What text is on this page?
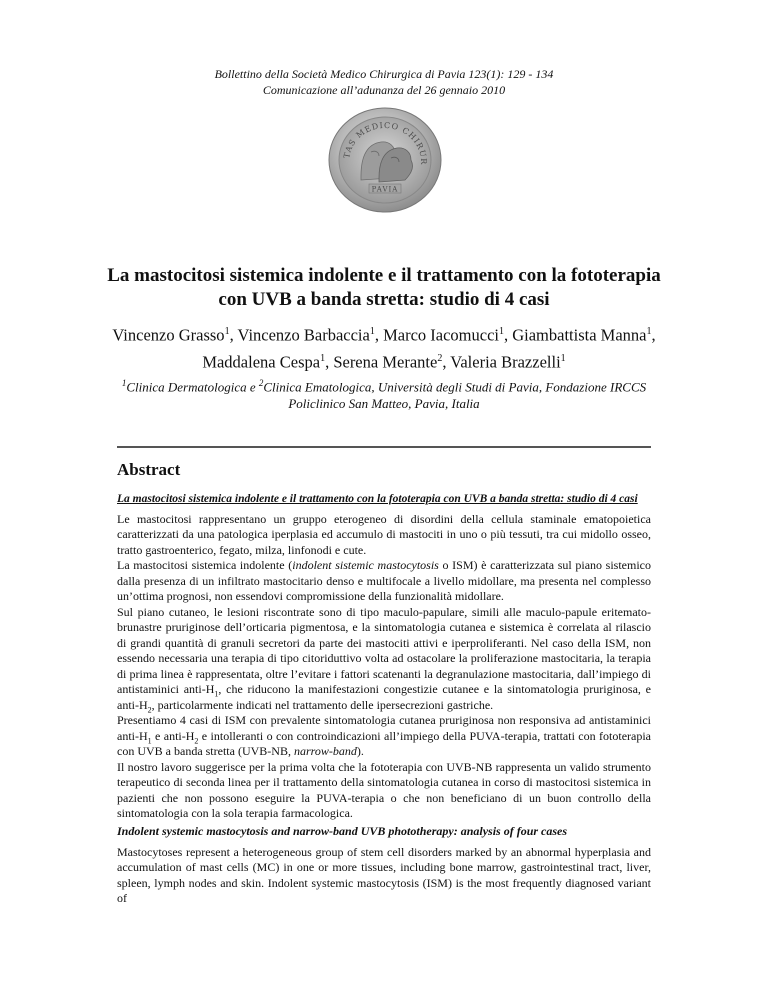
Bollettino della Società Medico Chirurgica di Pavia 123(1): 129 - 134
Comunicazione all’adunanza del 26 gennaio 2010
TAS MEDICO CHIRUR
PAVIA
La mastocitosi sistemica indolente e il trattamento con la fototerapia
con UVB a banda stretta: studio di 4 casi
Vincenzo Grasso$^1$, Vincenzo Barbaccia$^1$, Marco Iacomucci$^1$, Giambattista Manna$^1$,
Maddalena Cespa$^1$, Serena Merante$^2$, Valeria Brazzelli$^1$
$^1$Clinica Dermatologica e $^2$Clinica Ematologica, Università degli Studi di Pavia, Fondazione IRCCS
Policlinico San Matteo, Pavia, Italia
Abstract
La mastocitosi sistemica indolente e il trattamento con la fototerapia con UVB a banda stretta: studio di 4 casi
Le mastocitosi rappresentano un gruppo eterogeneo di disordini della cellula staminale ematopoietica caratterizzati da una patologica iperplasia ed accumulo di mastociti in uno o più tessuti, tra cui midollo osseo, tratto gastroenterico, fegato, milza, linfonodi e cute.
La mastocitosi sistemica indolente (indolent sistemic mastocytosis o ISM) è caratterizzata sul piano sistemico dalla presenza di un infiltrato mastocitario denso e multifocale a livello midollare, ma presenta nel complesso un’ottima prognosi, non essendovi compromissione della funzionalità midollare.
Sul piano cutaneo, le lesioni riscontrate sono di tipo maculo-papulare, simili alle maculo-papule eritemato-brunastre pruriginose dell’orticaria pigmentosa, e la sintomatologia cutanea e sistemica è correlata al rilascio di grandi quantità di granuli secretori da parte dei mastociti attivi e iperproliferanti. Nel caso della ISM, non essendo necessaria una terapia di tipo citoriduttivo volta ad ostacolare la proliferazione mastocitaria, la terapia di prima linea è rappresentata, oltre l’evitare i fattori scatenanti la degranulazione mastocitaria, dall’impiego di antistaminici anti-$H_1$, che riducono la manifestazioni congestizie cutanee e la sintomatologia pruriginosa, e anti-$H_2$, particolarmente indicati nel trattamento delle ipersecrezioni gastriche.
Presentiamo 4 casi di ISM con prevalente sintomatologia cutanea pruriginosa non responsiva ad antistaminici anti-$H_1$ e anti-$H_2$ e intolleranti o con controindicazioni all’impiego della PUVA-terapia, trattati con fototerapia con UVB a banda stretta (UVB-NB, narrow-band).
Il nostro lavoro suggerisce per la prima volta che la fototerapia con UVB-NB rappresenta un valido strumento terapeutico di seconda linea per il trattamento della sintomatologia cutanea in corso di mastocitosi sistemica in pazienti che non possono eseguire la PUVA-terapia o che non beneficiano di un buon controllo della sintomatologia con la sola terapia farmacologica.
Indolent systemic mastocytosis and narrow-band UVB phototherapy: analysis of four cases
Mastocytoses represent a heterogeneous group of stem cell disorders marked by an abnormal hyperplasia and accumulation of mast cells (MC) in one or more tissues, including bone marrow, gastrointestinal tract, liver, spleen, lymph nodes and skin. Indolent systemic mastocytosis (ISM) is the most frequently diagnosed variant of
